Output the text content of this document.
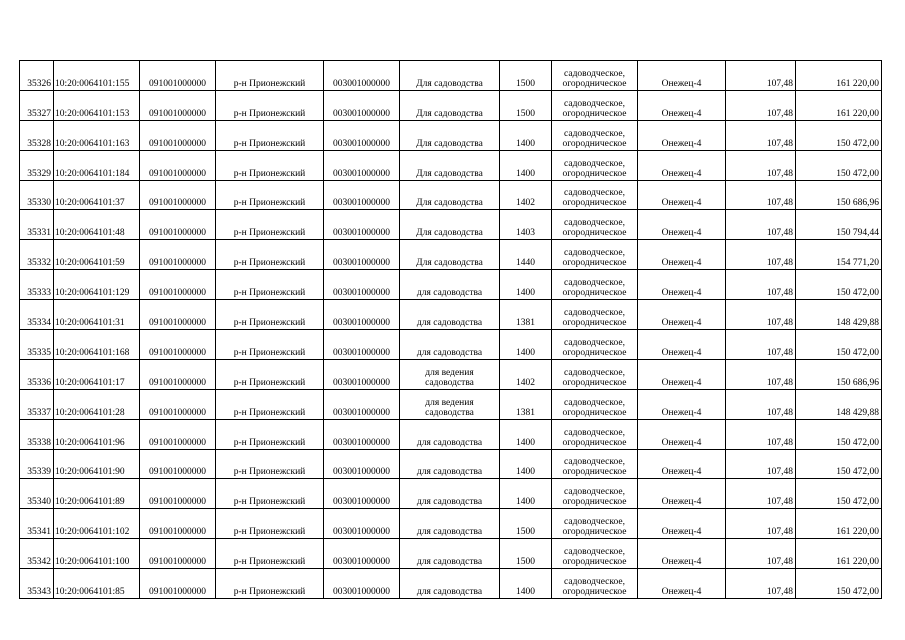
35326	10:20:0064101:155	091001000000	р-н Прионежский	003001000000	Для садоводства	1500	садоводческое,
огородническое	Онежец-4	107,48	161 220,00
35327	10:20:0064101:153	091001000000	р-н Прионежский	003001000000	Для садоводства	1500	садоводческое,
огородническое	Онежец-4	107,48	161 220,00
35328	10:20:0064101:163	091001000000	р-н Прионежский	003001000000	Для садоводства	1400	садоводческое,
огородническое	Онежец-4	107,48	150 472,00
35329	10:20:0064101:184	091001000000	р-н Прионежский	003001000000	Для садоводства	1400	садоводческое,
огородническое	Онежец-4	107,48	150 472,00
35330	10:20:0064101:37	091001000000	р-н Прионежский	003001000000	Для садоводства	1402	садоводческое,
огородническое	Онежец-4	107,48	150 686,96
35331	10:20:0064101:48	091001000000	р-н Прионежский	003001000000	Для садоводства	1403	садоводческое,
огородническое	Онежец-4	107,48	150 794,44
35332	10:20:0064101:59	091001000000	р-н Прионежский	003001000000	Для садоводства	1440	садоводческое,
огородническое	Онежец-4	107,48	154 771,20
35333	10:20:0064101:129	091001000000	р-н Прионежский	003001000000	для садоводства	1400	садоводческое,
огородническое	Онежец-4	107,48	150 472,00
35334	10:20:0064101:31	091001000000	р-н Прионежский	003001000000	для садоводства	1381	садоводческое,
огородническое	Онежец-4	107,48	148 429,88
35335	10:20:0064101:168	091001000000	р-н Прионежский	003001000000	для садоводства	1400	садоводческое,
огородническое	Онежец-4	107,48	150 472,00
35336	10:20:0064101:17	091001000000	р-н Прионежский	003001000000	для ведения
садоводства	1402	садоводческое,
огородническое	Онежец-4	107,48	150 686,96
35337	10:20:0064101:28	091001000000	р-н Прионежский	003001000000	для ведения
садоводства	1381	садоводческое,
огородническое	Онежец-4	107,48	148 429,88
35338	10:20:0064101:96	091001000000	р-н Прионежский	003001000000	для садоводства	1400	садоводческое,
огородническое	Онежец-4	107,48	150 472,00
35339	10:20:0064101:90	091001000000	р-н Прионежский	003001000000	для садоводства	1400	садоводческое,
огородническое	Онежец-4	107,48	150 472,00
35340	10:20:0064101:89	091001000000	р-н Прионежский	003001000000	для садоводства	1400	садоводческое,
огородническое	Онежец-4	107,48	150 472,00
35341	10:20:0064101:102	091001000000	р-н Прионежский	003001000000	для садоводства	1500	садоводческое,
огородническое	Онежец-4	107,48	161 220,00
35342	10:20:0064101:100	091001000000	р-н Прионежский	003001000000	для садоводства	1500	садоводческое,
огородническое	Онежец-4	107,48	161 220,00
35343	10:20:0064101:85	091001000000	р-н Прионежский	003001000000	для садоводства	1400	садоводческое,
огородническое	Онежец-4	107,48	150 472,00
